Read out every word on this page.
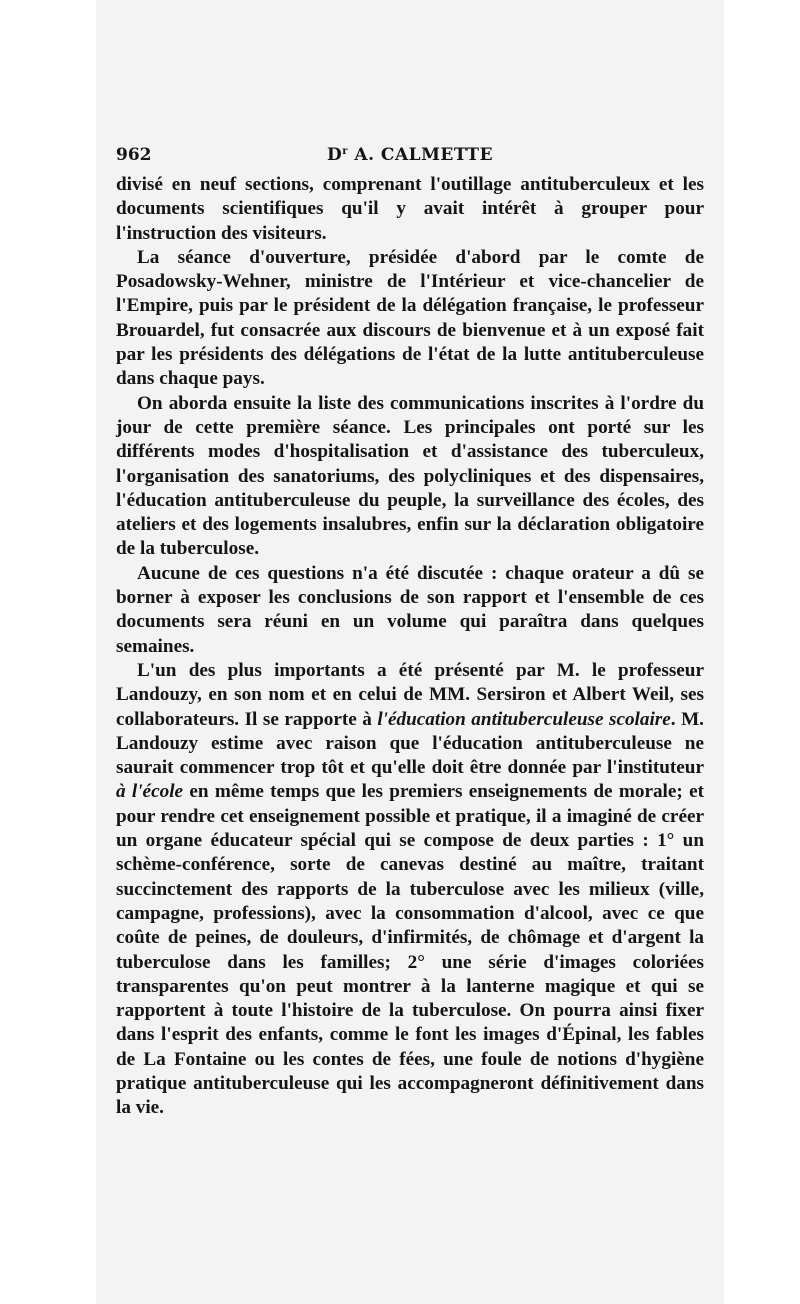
962	$D^r$ A. CALMETTE

divisé en neuf sections, comprenant l'outillage antituberculeux et les documents scientifiques qu'il y avait intérêt à grouper pour l'instruction des visiteurs.

La séance d'ouverture, présidée d'abord par le comte de Posadowsky-Wehner, ministre de l'Intérieur et vice-chancelier de l'Empire, puis par le président de la délégation française, le professeur Brouardel, fut consacrée aux discours de bienvenue et à un exposé fait par les présidents des délégations de l'état de la lutte antituberculeuse dans chaque pays.

On aborda ensuite la liste des communications inscrites à l'ordre du jour de cette première séance. Les principales ont porté sur les différents modes d'hospitalisation et d'assistance des tuberculeux, l'organisation des sanatoriums, des polycliniques et des dispensaires, l'éducation antituberculeuse du peuple, la surveillance des écoles, des ateliers et des logements insalubres, enfin sur la déclaration obligatoire de la tuberculose.

Aucune de ces questions n'a été discutée : chaque orateur a dû se borner à exposer les conclusions de son rapport et l'ensemble de ces documents sera réuni en un volume qui paraîtra dans quelques semaines.

L'un des plus importants a été présenté par M. le professeur Landouzy, en son nom et en celui de MM. Sersiron et Albert Weil, ses collaborateurs. Il se rapporte à l'éducation antituberculeuse scolaire. M. Landouzy estime avec raison que l'éducation antituberculeuse ne saurait commencer trop tôt et qu'elle doit être donnée par l'instituteur à l'école en même temps que les premiers enseignements de morale; et pour rendre cet enseignement possible et pratique, il a imaginé de créer un organe éducateur spécial qui se compose de deux parties : 1° un schème-conférence, sorte de canevas destiné au maître, traitant succinctement des rapports de la tuberculose avec les milieux (ville, campagne, professions), avec la consommation d'alcool, avec ce que coûte de peines, de douleurs, d'infirmités, de chômage et d'argent la tuberculose dans les familles; 2° une série d'images coloriées transparentes qu'on peut montrer à la lanterne magique et qui se rapportent à toute l'histoire de la tuberculose. On pourra ainsi fixer dans l'esprit des enfants, comme le font les images d'Épinal, les fables de La Fontaine ou les contes de fées, une foule de notions d'hygiène pratique antituberculeuse qui les accompagneront définitivement dans la vie.
